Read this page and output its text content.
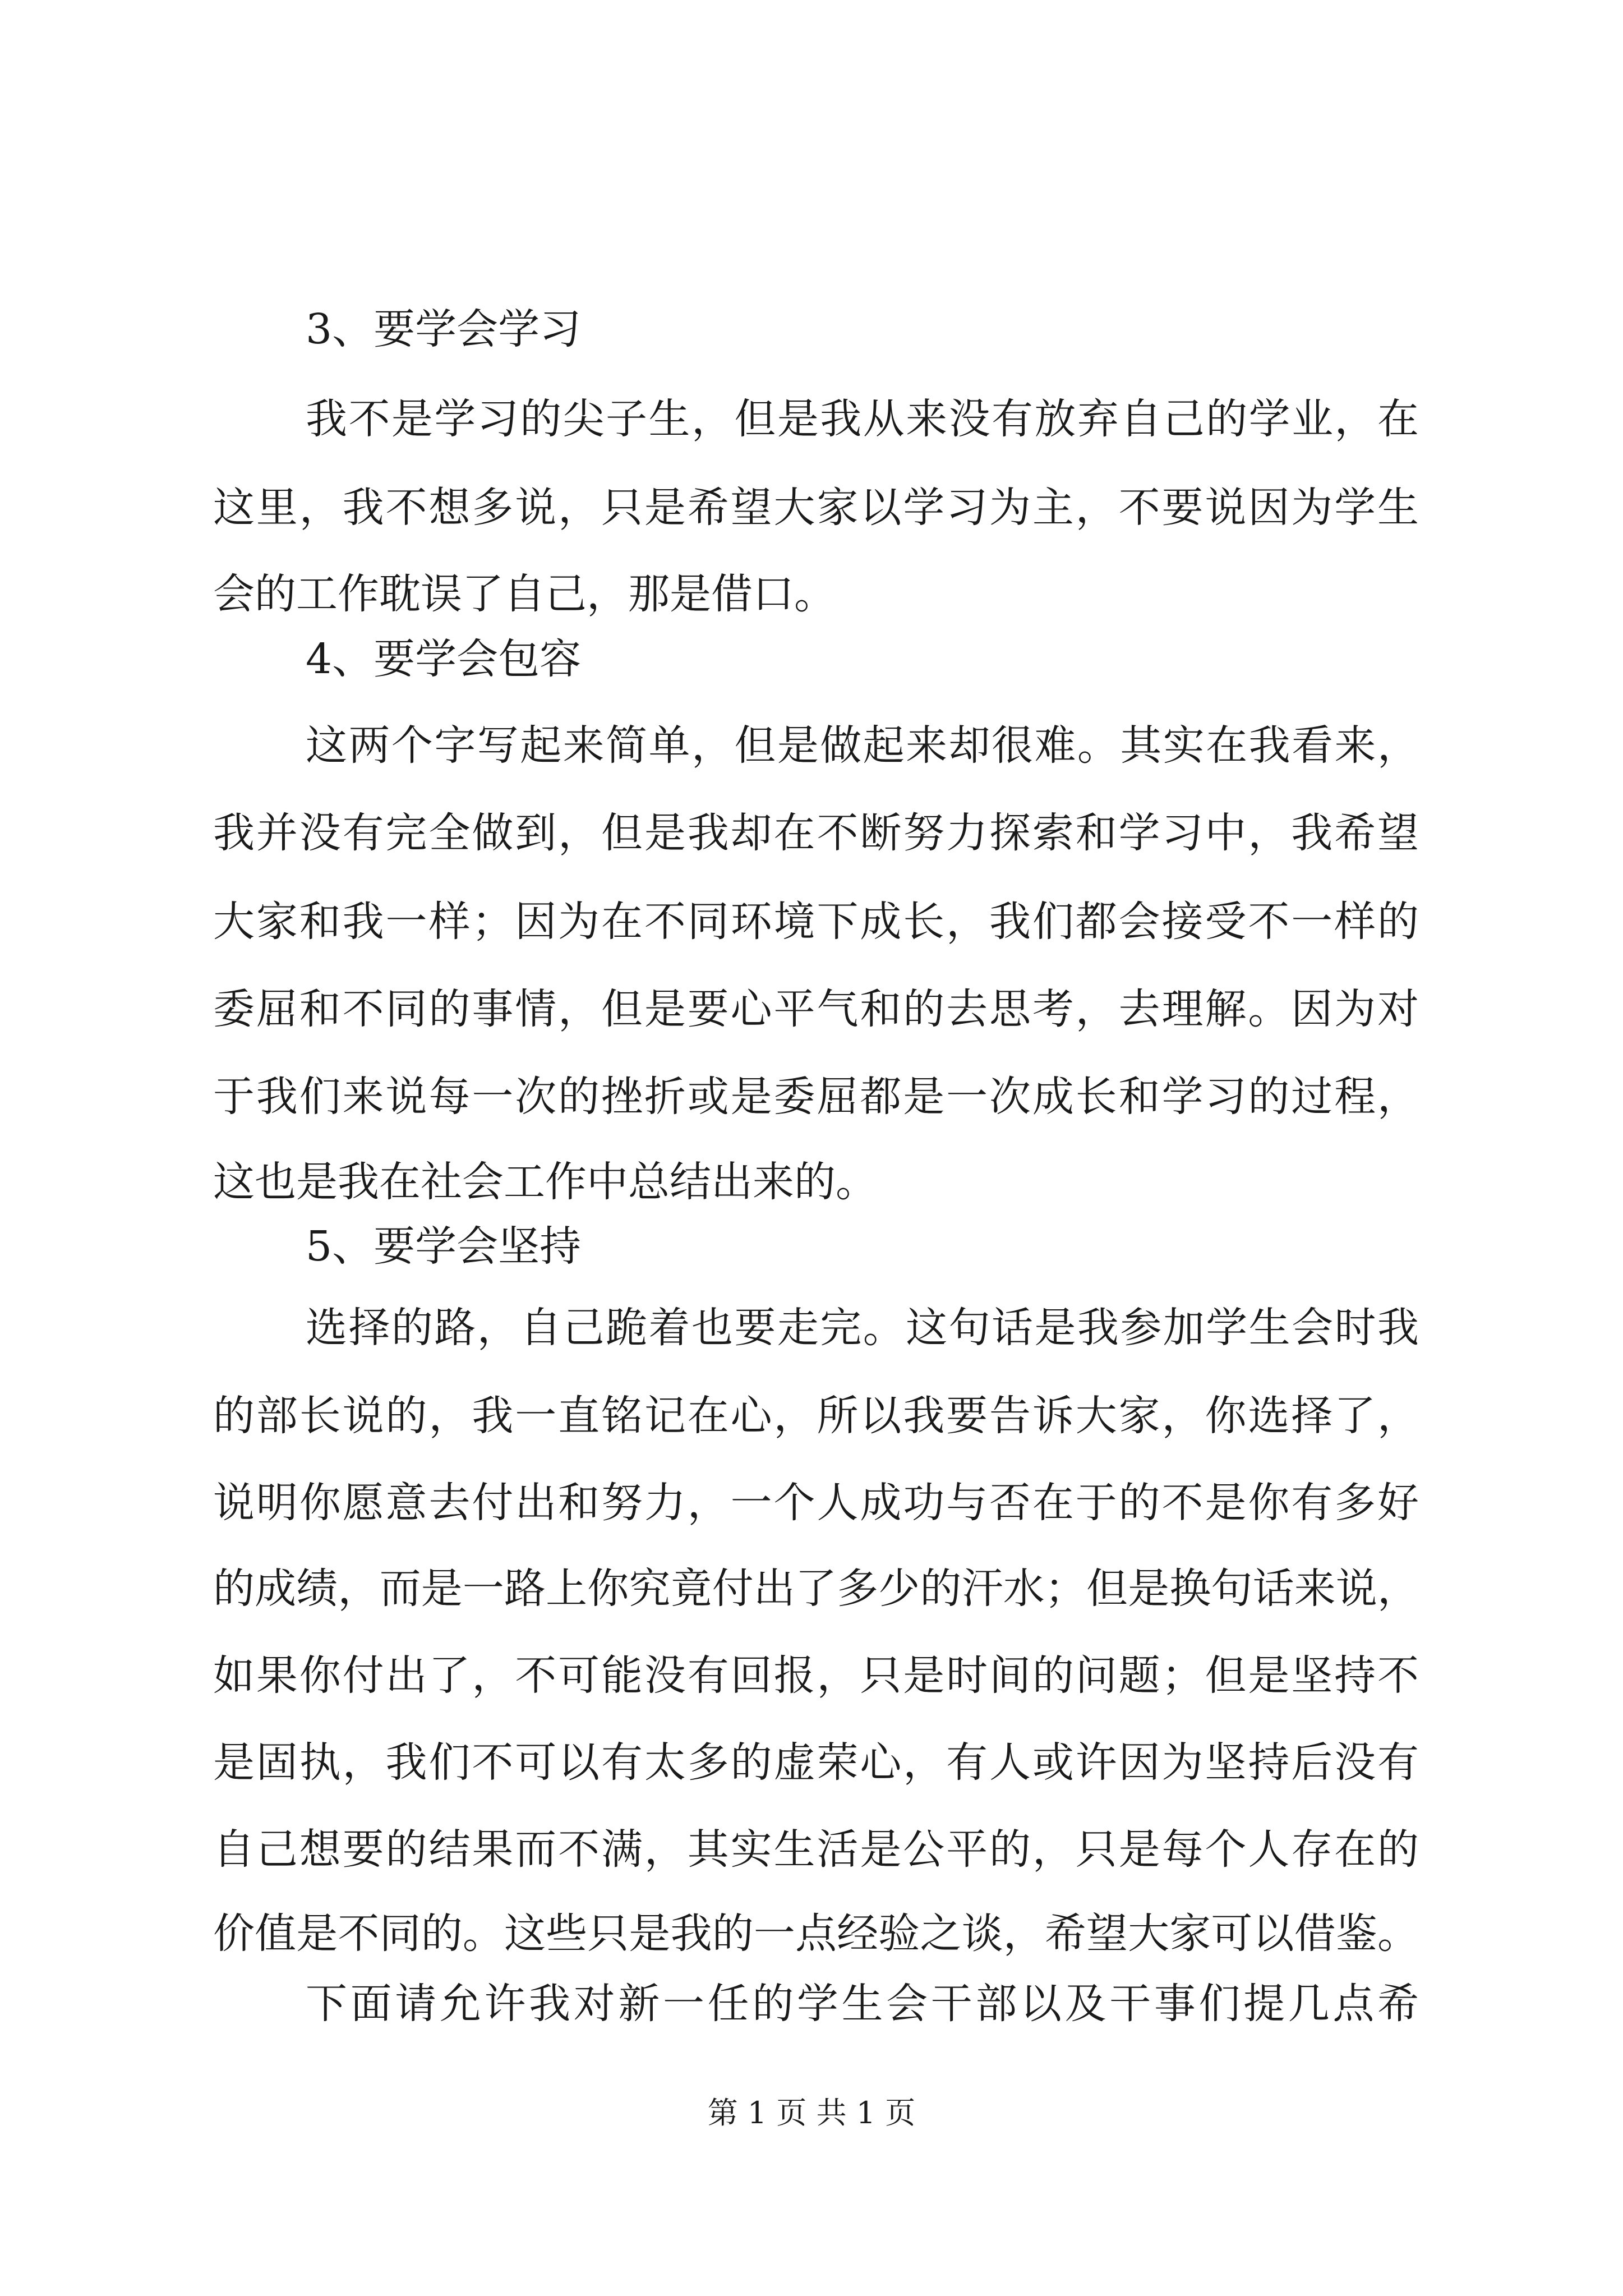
3、要学会学习
我不是学习的尖子生，但是我从来没有放弃自己的学业，在
这里，我不想多说，只是希望大家以学习为主，不要说因为学生
会的工作耽误了自己，那是借口。
4、要学会包容
这两个字写起来简单，但是做起来却很难。其实在我看来，
我并没有完全做到，但是我却在不断努力探索和学习中，我希望
大家和我一样；因为在不同环境下成长，我们都会接受不一样的
委屈和不同的事情，但是要心平气和的去思考，去理解。因为对
于我们来说每一次的挫折或是委屈都是一次成长和学习的过程，
这也是我在社会工作中总结出来的。
5、要学会坚持
选择的路，自己跪着也要走完。这句话是我参加学生会时我
的部长说的，我一直铭记在心，所以我要告诉大家，你选择了，
说明你愿意去付出和努力，一个人成功与否在于的不是你有多好
的成绩，而是一路上你究竟付出了多少的汗水；但是换句话来说，
如果你付出了，不可能没有回报，只是时间的问题；但是坚持不
是固执，我们不可以有太多的虚荣心，有人或许因为坚持后没有
自己想要的结果而不满，其实生活是公平的，只是每个人存在的
价值是不同的。这些只是我的一点经验之谈，希望大家可以借鉴。
下面请允许我对新一任的学生会干部以及干事们提几点希
第 1 页 共 1 页
